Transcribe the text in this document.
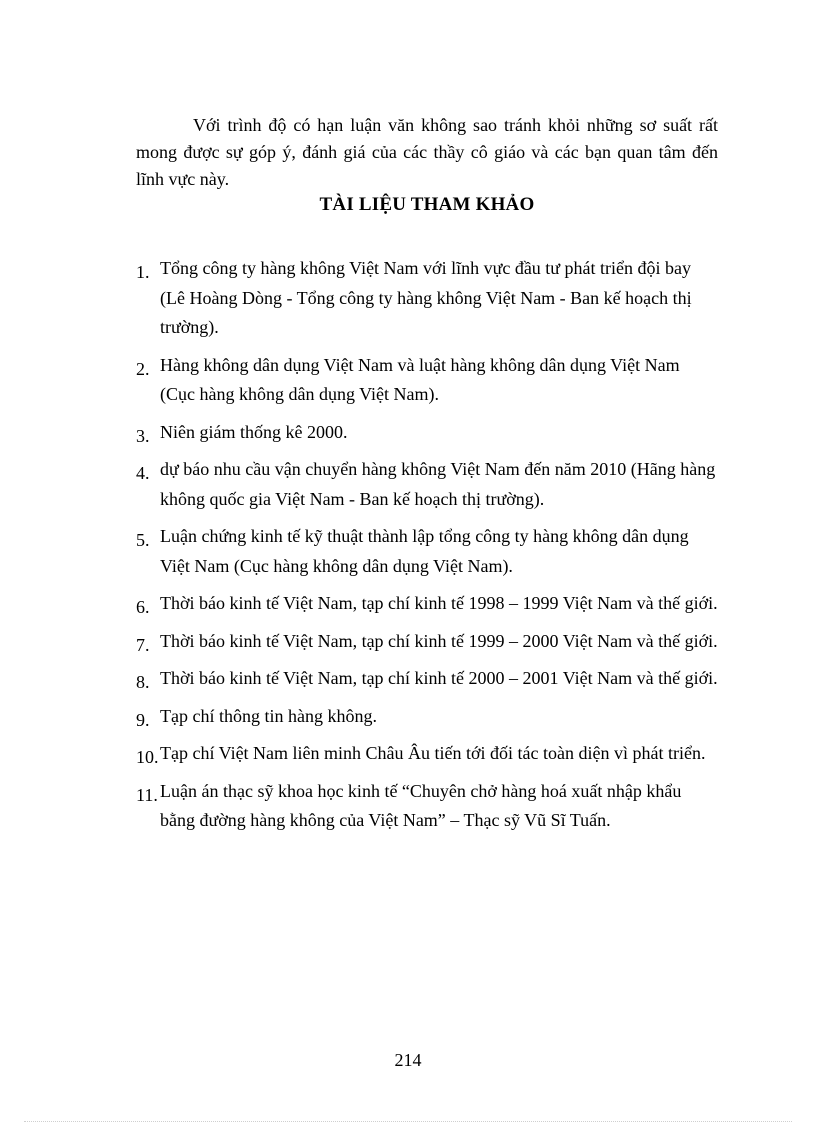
Với trình độ có hạn luận văn không sao tránh khỏi những sơ suất rất mong được sự góp ý, đánh giá của các thầy cô giáo và các bạn quan tâm đến lĩnh vực này.

TÀI LIỆU THAM KHẢO
1. Tổng công ty hàng không Việt Nam với lĩnh vực đầu tư phát triển đội bay (Lê Hoàng Dòng - Tổng công ty hàng không Việt Nam - Ban kế hoạch thị trường).
2. Hàng không dân dụng Việt Nam và luật hàng không dân dụng Việt Nam (Cục hàng không dân dụng Việt Nam).
3. Niên giám thống kê 2000.
4. dự báo nhu cầu vận chuyển hàng không Việt Nam đến năm 2010 (Hãng hàng không quốc gia Việt Nam - Ban kế hoạch thị trường).
5. Luận chứng kinh tế kỹ thuật thành lập tổng công ty hàng không dân dụng Việt Nam (Cục hàng không dân dụng Việt Nam).
6. Thời báo kinh tế Việt Nam, tạp chí kinh tế 1998 – 1999 Việt Nam và thế giới.
7. Thời báo kinh tế Việt Nam, tạp chí kinh tế 1999 – 2000 Việt Nam và thế giới.
8. Thời báo kinh tế Việt Nam, tạp chí kinh tế 2000 – 2001 Việt Nam và thế giới.
9. Tạp chí thông tin hàng không.
10. Tạp chí Việt Nam liên minh Châu Âu tiến tới đối tác toàn diện vì phát triển.
11. Luận án thạc sỹ khoa học kinh tế “Chuyên chở hàng hoá xuất nhập khẩu bằng đường hàng không của Việt Nam” – Thạc sỹ Vũ Sĩ Tuấn.
214
